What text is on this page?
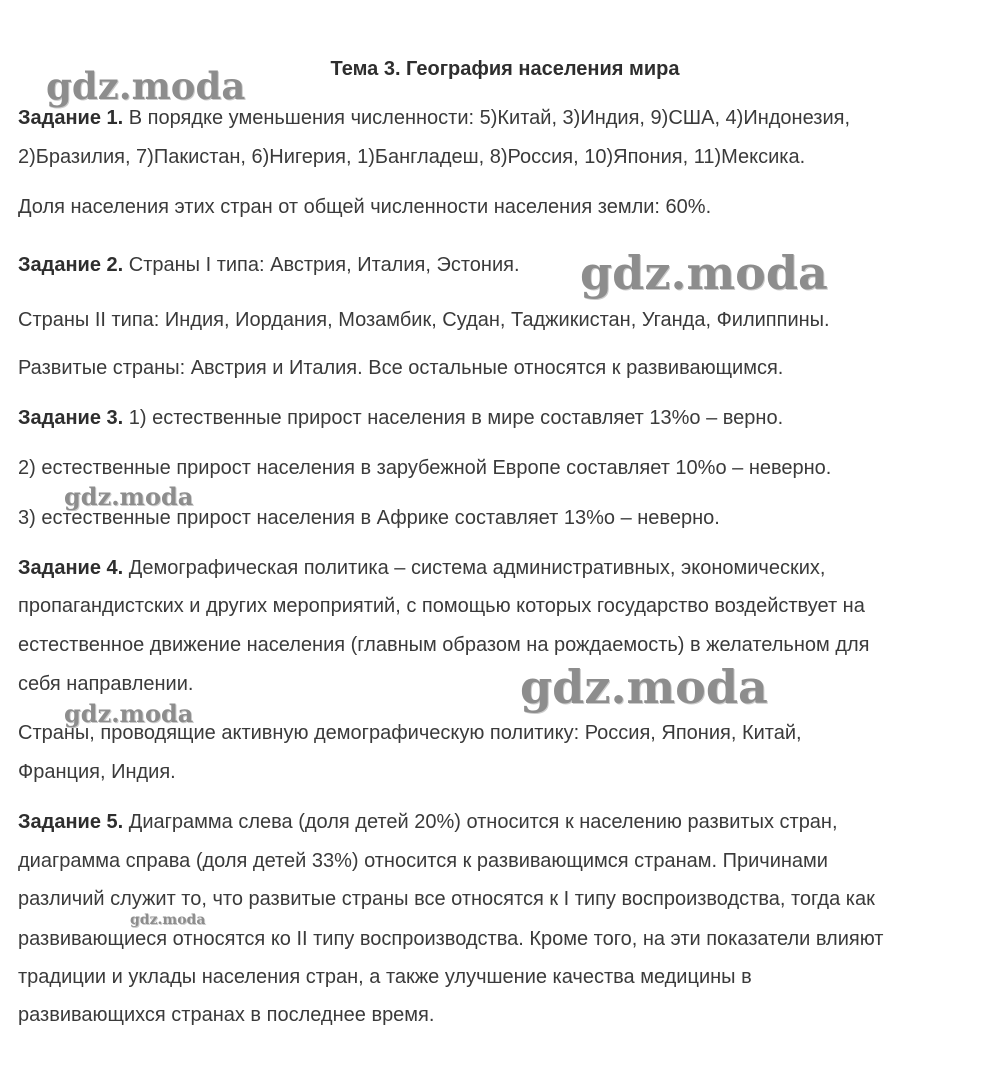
Тема 3. География населения мира
Задание 1. В порядке уменьшения численности: 5)Китай, 3)Индия, 9)США, 4)Индонезия,
2)Бразилия, 7)Пакистан, 6)Нигерия, 1)Бангладеш, 8)Россия, 10)Япония, 11)Мексика.
Доля населения этих стран от общей численности населения земли: 60%.
Задание 2. Страны I типа: Австрия, Италия, Эстония.
Страны II типа: Индия, Иордания, Мозамбик, Судан, Таджикистан, Уганда, Филиппины.
Развитые страны: Австрия и Италия. Все остальные относятся к развивающимся.
Задание 3. 1) естественные прирост населения в мире составляет 13%о – верно.
2) естественные прирост населения в зарубежной Европе составляет 10%о – неверно.
3) естественные прирост населения в Африке составляет 13%о – неверно.
Задание 4. Демографическая политика – система административных, экономических,
пропагандистских и других мероприятий, с помощью которых государство воздействует на
естественное движение населения (главным образом на рождаемость) в желательном для
себя направлении.
Страны, проводящие активную демографическую политику: Россия, Япония, Китай,
Франция, Индия.
Задание 5. Диаграмма слева (доля детей 20%) относится к населению развитых стран,
диаграмма справа (доля детей 33%) относится к развивающимся странам. Причинами
различий служит то, что развитые страны все относятся к I типу воспроизводства, тогда как
развивающиеся относятся ко II типу воспроизводства. Кроме того, на эти показатели влияют
традиции и уклады населения стран, а также улучшение качества медицины в
развивающихся странах в последнее время.
gdz.moda
gdz.moda
gdz.moda
gdz.moda
gdz.moda
gdz.moda
